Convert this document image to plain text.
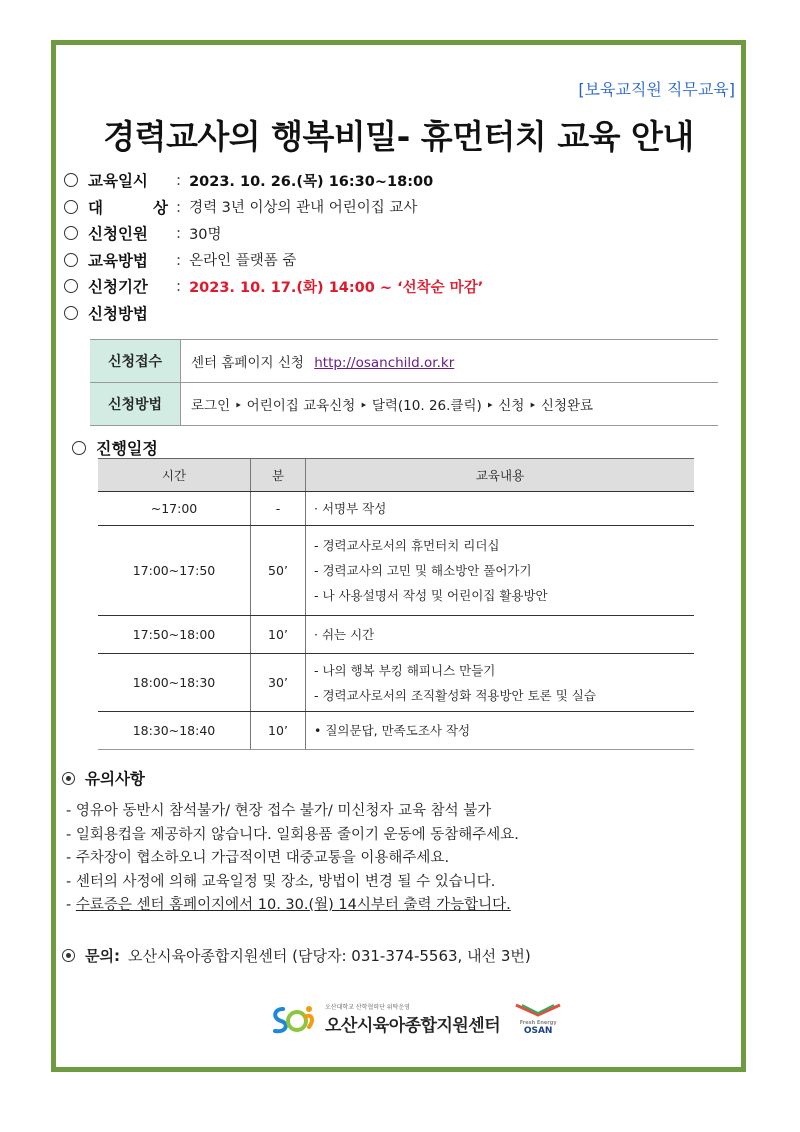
[보육교직원 직무교육]
경력교사의 행복비밀- 휴먼터치 교육 안내
교육일시	: 2023. 10. 26.(목) 16:30~18:00
대	상 : 경력 3년 이상의 관내 어린이집 교사
신청인원	: 30명
교육방법	: 온라인 플랫폼 줌
신청기간	: 2023. 10. 17.(화) 14:00 ~ ‘선착순 마감’
신청방법
신청접수	센터 홈페이지 신청 http://osanchild.or.kr
신청방법	로그인 ‣ 어린이집 교육신청 ‣ 달력(10. 26.클릭) ‣ 신청 ‣ 신청완료
진행일정
시간	분	교육내용
~17:00	-	· 서명부 작성

17:00~17:50	50’	- 경력교사로서의 휴먼터치 리더십
- 경력교사의 고민 및 해소방안 풀어가기
- 나 사용설명서 작성 및 어린이집 활용방안

17:50~18:00	10’	· 쉬는 시간

18:00~18:30	30’	- 나의 행복 부킹 해피니스 만들기
- 경력교사로서의 조직활성화 적용방안 토론 및 실습

18:30~18:40	10’	• 질의문답, 만족도조사 작성
유의사항
- 영유아 동반시 참석불가/ 현장 접수 불가/ 미신청자 교육 참석 불가
- 일회용컵을 제공하지 않습니다. 일회용품 줄이기 운동에 동참해주세요.
- 주차장이 협소하오니 가급적이면 대중교통을 이용해주세요.
- 센터의 사정에 의해 교육일정 및 장소, 방법이 변경 될 수 있습니다.
- 수료증은 센터 홈페이지에서 10. 30.(월) 14시부터 출력 가능합니다.
문의: 오산시육아종합지원센터 (담당자: 031-374-5563, 내선 3번)
오산대학교 산학협력단 위탁운영
오산시육아종합지원센터	Fresh Energy
OSAN
